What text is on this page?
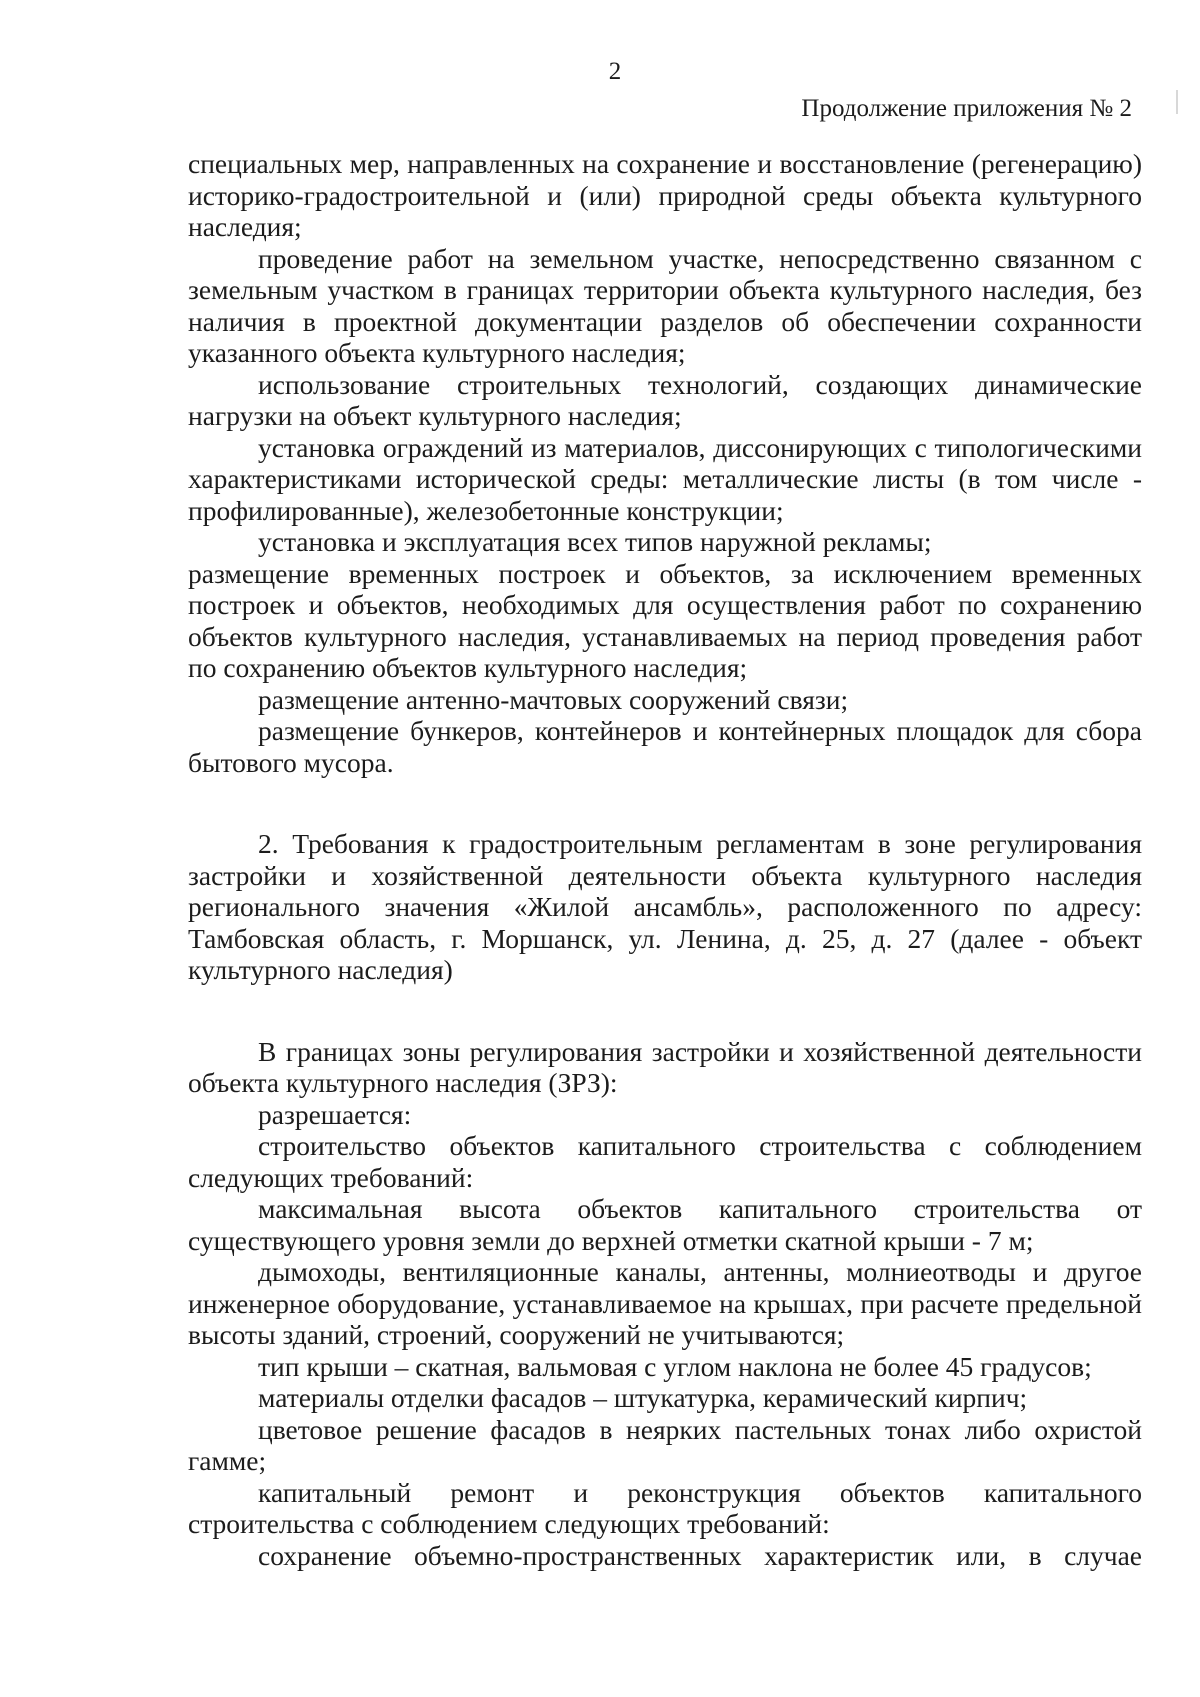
2
Продолжение приложения № 2

специальных мер, направленных на сохранение и восстановление (регенерацию) историко-градостроительной и (или) природной среды объекта культурного наследия;

проведение работ на земельном участке, непосредственно связанном с земельным участком в границах территории объекта культурного наследия, без наличия в проектной документации разделов об обеспечении сохранности указанного объекта культурного наследия;

использование строительных технологий, создающих динамические нагрузки на объект культурного наследия;

установка ограждений из материалов, диссонирующих с типологическими характеристиками исторической среды: металлические листы (в том числе - профилированные), железобетонные конструкции;

установка и эксплуатация всех типов наружной рекламы;

размещение временных построек и объектов, за исключением временных построек и объектов, необходимых для осуществления работ по сохранению объектов культурного наследия, устанавливаемых на период проведения работ по сохранению объектов культурного наследия;

размещение антенно-мачтовых сооружений связи;

размещение бункеров, контейнеров и контейнерных площадок для сбора бытового мусора.

2. Требования к градостроительным регламентам в зоне регулирования застройки и хозяйственной деятельности объекта культурного наследия регионального значения «Жилой ансамбль», расположенного по адресу: Тамбовская область, г. Моршанск, ул. Ленина, д. 25, д. 27 (далее - объект культурного наследия)

В границах зоны регулирования застройки и хозяйственной деятельности объекта культурного наследия (ЗРЗ):

разрешается:

строительство объектов капитального строительства с соблюдением следующих требований:

максимальная высота объектов капитального строительства от существующего уровня земли до верхней отметки скатной крыши - 7 м;

дымоходы, вентиляционные каналы, антенны, молниеотводы и другое инженерное оборудование, устанавливаемое на крышах, при расчете предельной высоты зданий, строений, сооружений не учитываются;

тип крыши – скатная, вальмовая с углом наклона не более 45 градусов;

материалы отделки фасадов – штукатурка, керамический кирпич;

цветовое решение фасадов в неярких пастельных тонах либо охристой гамме;

капитальный ремонт и реконструкция объектов капитального строительства с соблюдением следующих требований:

сохранение объемно-пространственных характеристик или, в случае
